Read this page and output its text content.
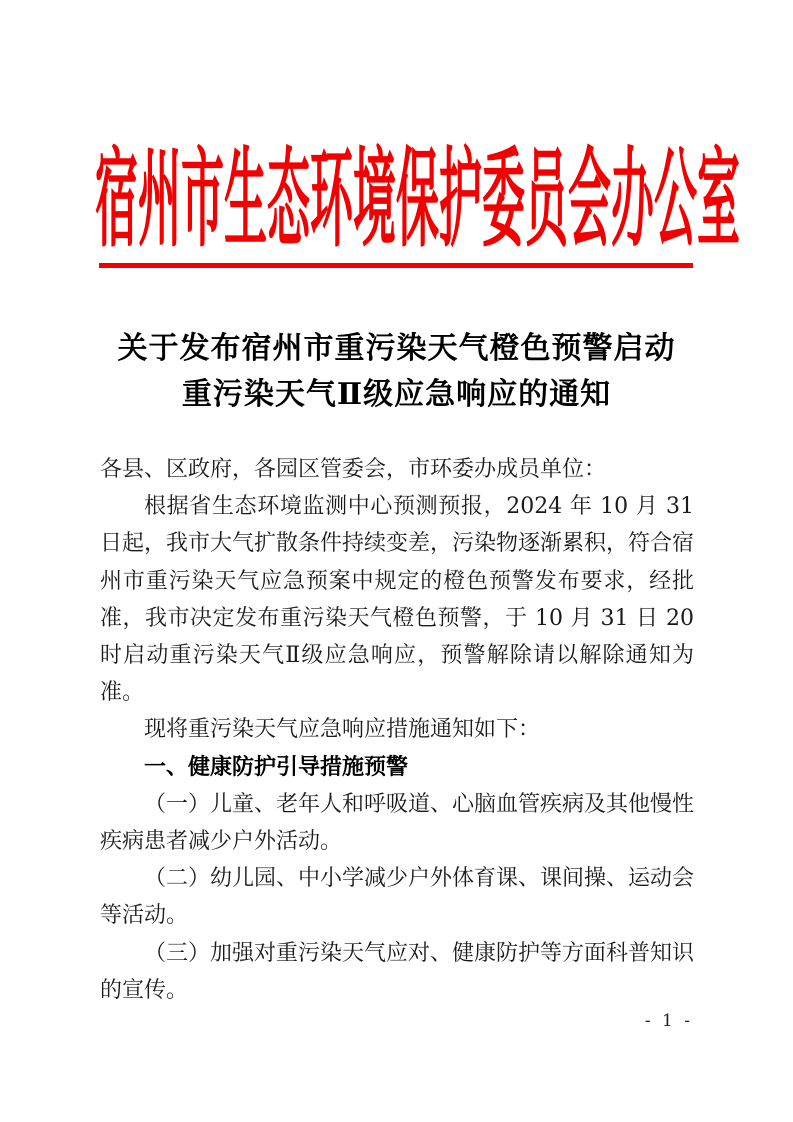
宿州市生态环境保护委员会办公室
关于发布宿州市重污染天气橙色预警启动
重污染天气Ⅱ级应急响应的通知

各县、区政府，各园区管委会，市环委办成员单位：

根据省生态环境监测中心预测预报，2024 年 10 月 31 日起，我市大气扩散条件持续变差，污染物逐渐累积，符合宿州市重污染天气应急预案中规定的橙色预警发布要求，经批准，我市决定发布重污染天气橙色预警，于 10 月 31 日 20 时启动重污染天气Ⅱ级应急响应，预警解除请以解除通知为准。

现将重污染天气应急响应措施通知如下：

一、健康防护引导措施预警

（一）儿童、老年人和呼吸道、心脑血管疾病及其他慢性疾病患者减少户外活动。

（二）幼儿园、中小学减少户外体育课、课间操、运动会等活动。

（三）加强对重污染天气应对、健康防护等方面科普知识的宣传。

- 1 -
